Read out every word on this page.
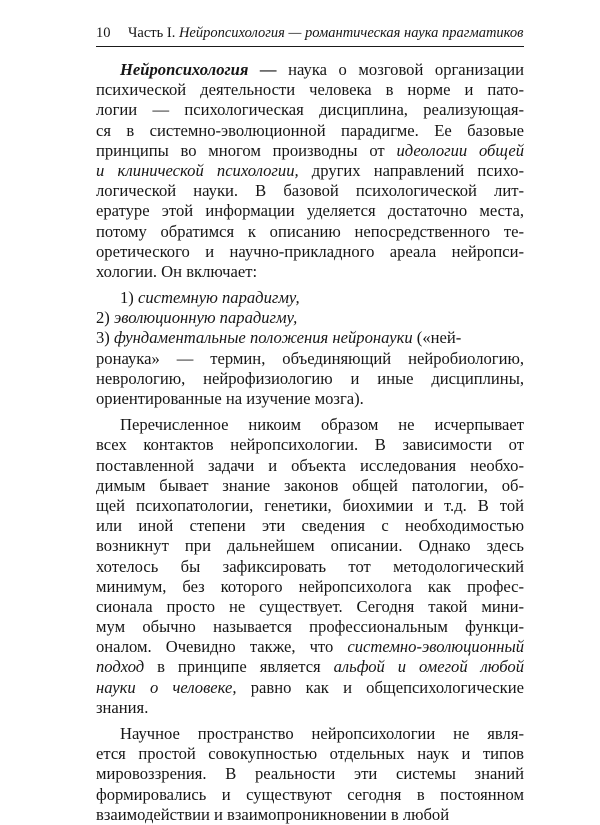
10 Часть I. Нейропсихология — романтическая наука прагматиков
Нейропсихология — наука о мозговой организации
психической деятельности человека в норме и пато-
логии — психологическая дисциплина, реализующая-
ся в системно-эволюционной парадигме. Ее базовые
принципы во многом производны от идеологии общей
и клинической психологии, других направлений психо-
логической науки. В базовой психологической лит-
ературе этой информации уделяется достаточно места,
потому обратимся к описанию непосредственного те-
оретического и научно-прикладного ареала нейропси-
хологии. Он включает:
1) системную парадигму,
2) эволюционную парадигму,
3) фундаментальные положения нейронауки («ней-
ронаука» — термин, объединяющий нейробиологию,
неврологию, нейрофизиологию и иные дисциплины,
ориентированные на изучение мозга).
Перечисленное никоим образом не исчерпывает
всех контактов нейропсихологии. В зависимости от
поставленной задачи и объекта исследования необхо-
димым бывает знание законов общей патологии, об-
щей психопатологии, генетики, биохимии и т.д. В той
или иной степени эти сведения с необходимостью
возникнут при дальнейшем описании. Однако здесь
хотелось бы зафиксировать тот методологический
минимум, без которого нейропсихолога как профес-
сионала просто не существует. Сегодня такой мини-
мум обычно называется профессиональным функци-
оналом. Очевидно также, что системно-эволюционный
подход в принципе является альфой и омегой любой
науки о человеке, равно как и общепсихологические
знания.
Научное пространство нейропсихологии не явля-
ется простой совокупностью отдельных наук и типов
мировоззрения. В реальности эти системы знаний
формировались и существуют сегодня в постоянном
взаимодействии и взаимопроникновении в любой
